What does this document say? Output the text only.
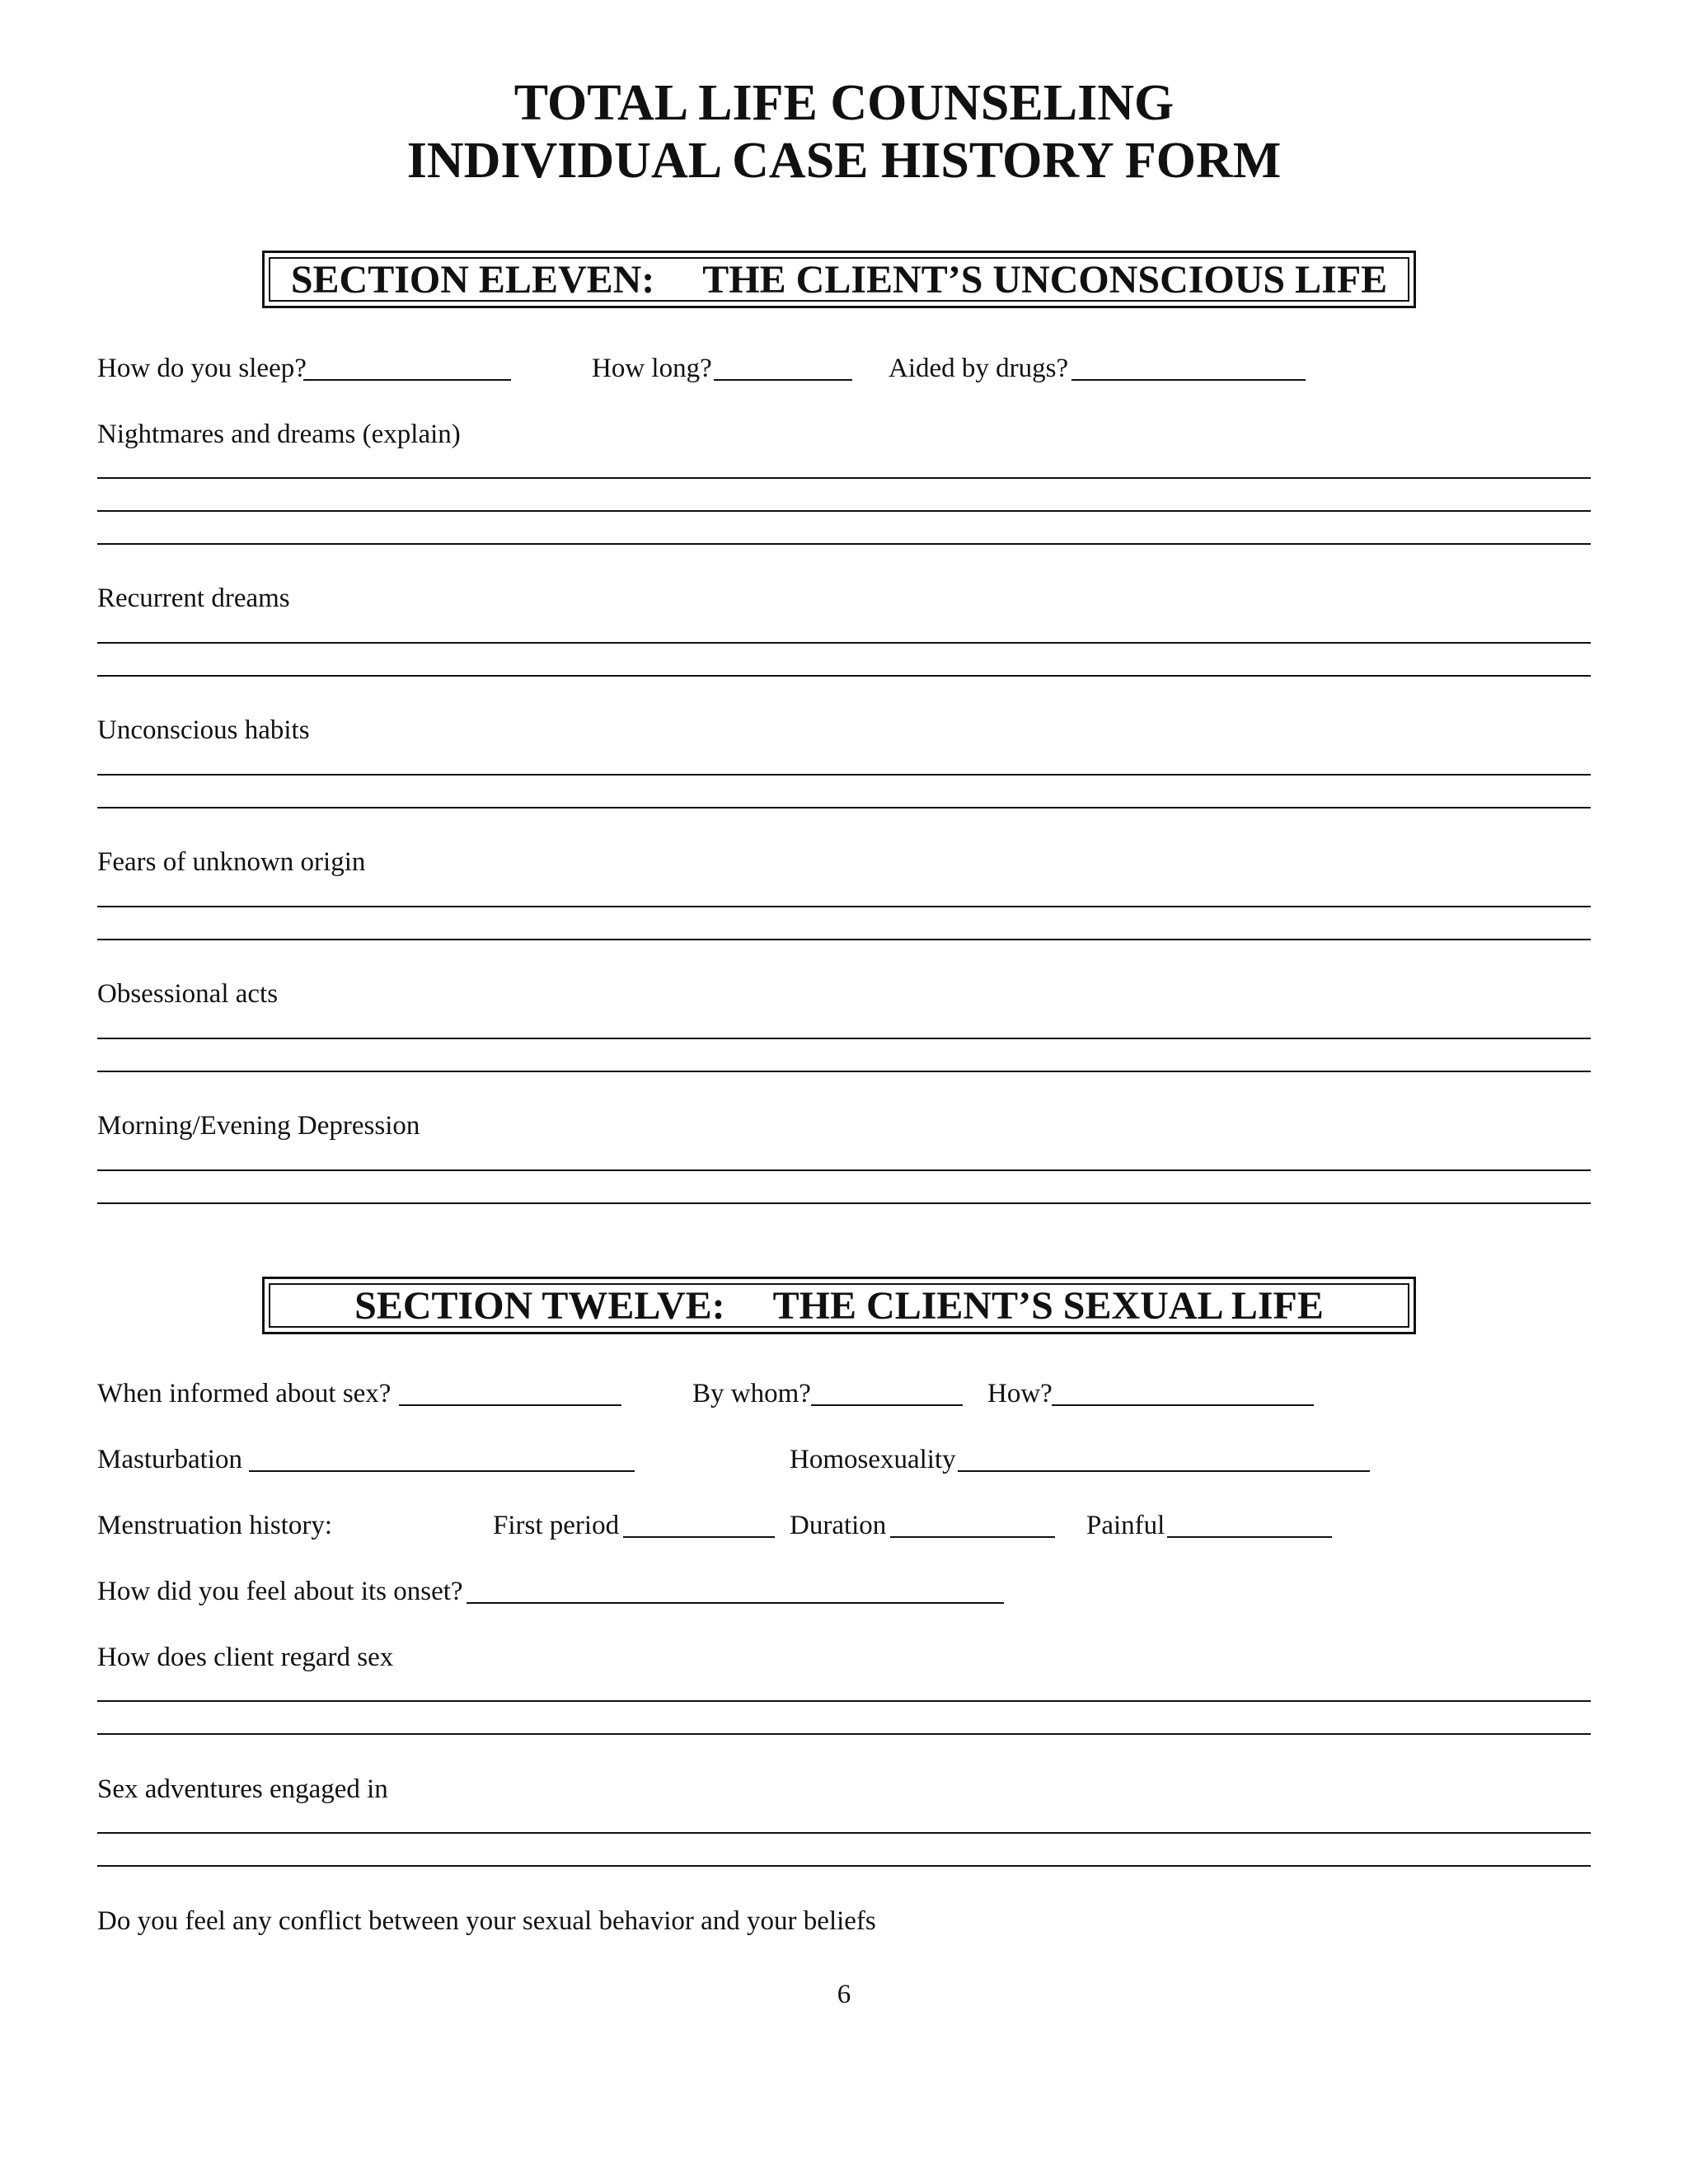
TOTAL LIFE COUNSELING
INDIVIDUAL CASE HISTORY FORM
SECTION ELEVEN: THE CLIENT’S UNCONSCIOUS LIFE
How do you sleep?	How long?	Aided by drugs?
Nightmares and dreams (explain)
Recurrent dreams
Unconscious habits
Fears of unknown origin
Obsessional acts
Morning/Evening Depression
SECTION TWELVE: THE CLIENT’S SEXUAL LIFE
When informed about sex?	By whom?	How?
Masturbation	Homosexuality
Menstruation history:	First period	Duration	Painful
How did you feel about its onset?
How does client regard sex
Sex adventures engaged in
Do you feel any conflict between your sexual behavior and your beliefs
6
